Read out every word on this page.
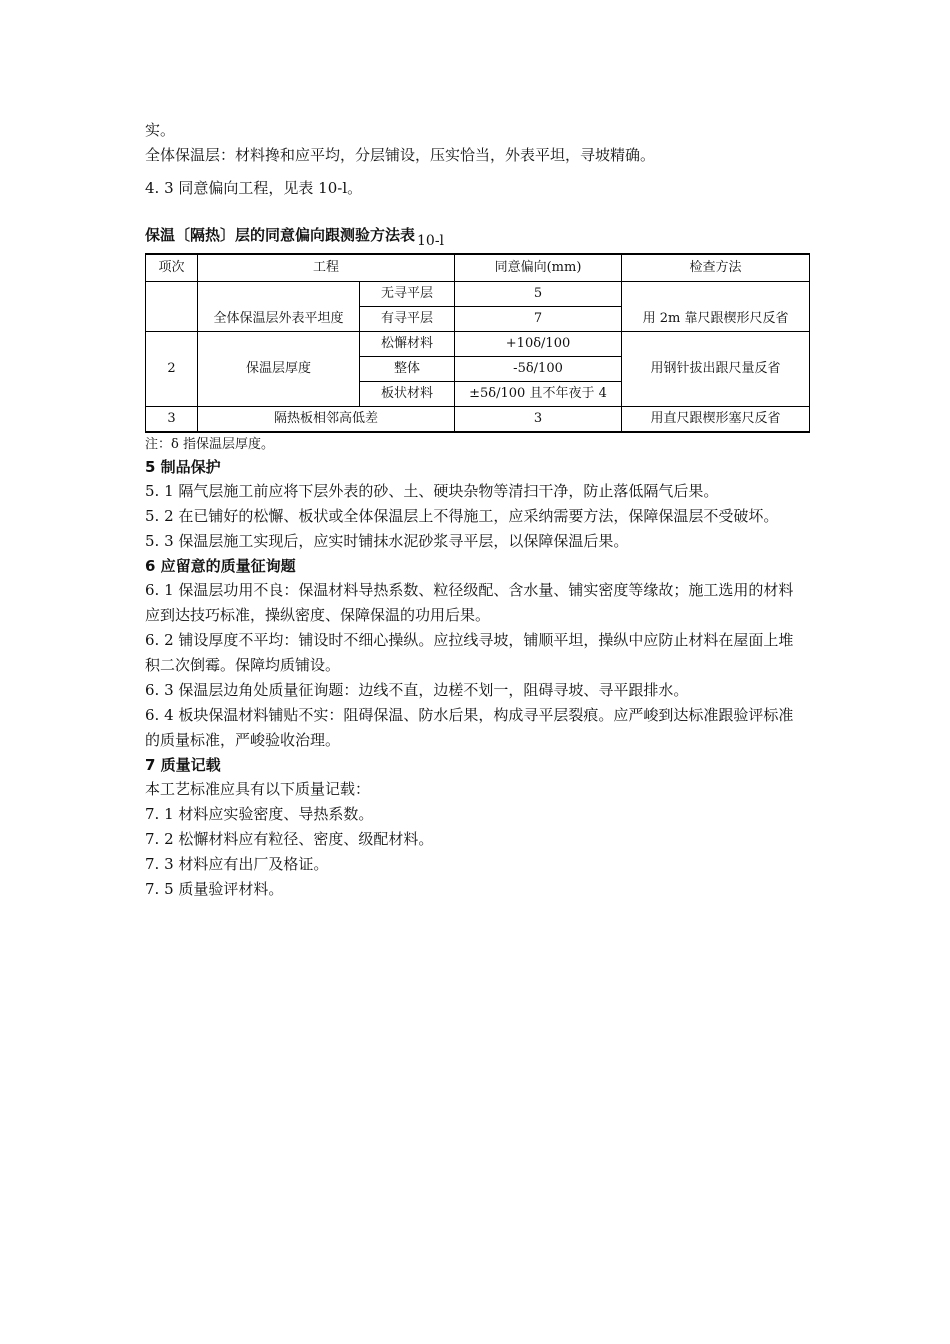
实。
全体保温层：材料搀和应平均，分层铺设，压实恰当，外表平坦，寻坡精确。
4. 3 同意偏向工程，见表 10-l。
保温〔隔热〕层的同意偏向跟测验方法表 10-l
项次	工程		同意偏向(mm)	检查方法
	全体保温层外表平坦度	无寻平层	5	用 2m 靠尺跟楔形尺反省
		有寻平层	7	
2	保温层厚度	松懈材料	+10δ/100	用钢针拔出跟尺量反省
		整体	-5δ/100	
		板状材料	±5δ/100 且不年夜于 4	
3	隔热板相邻高低差		3	用直尺跟楔形塞尺反省
注：δ 指保温层厚度。
5 制品保护
5. 1 隔气层施工前应将下层外表的砂、土、硬块杂物等清扫干净，防止落低隔气后果。
5. 2 在已铺好的松懈、板状或全体保温层上不得施工，应采纳需要方法，保障保温层不受破坏。
5. 3 保温层施工实现后，应实时铺抹水泥砂浆寻平层，以保障保温后果。
6 应留意的质量征询题
6. 1 保温层功用不良：保温材料导热系数、粒径级配、含水量、铺实密度等缘故；施工选用的材料应到达技巧标准，操纵密度、保障保温的功用后果。
6. 2 铺设厚度不平均：铺设时不细心操纵。应拉线寻坡，铺顺平坦，操纵中应防止材料在屋面上堆积二次倒霉。保障均质铺设。
6. 3 保温层边角处质量征询题：边线不直，边槎不划一，阻碍寻坡、寻平跟排水。
6. 4 板块保温材料铺贴不实：阻碍保温、防水后果，构成寻平层裂痕。应严峻到达标准跟验评标准的质量标准，严峻验收治理。
7 质量记载
本工艺标准应具有以下质量记载：
7. 1 材料应实验密度、导热系数。
7. 2 松懈材料应有粒径、密度、级配材料。
7. 3 材料应有出厂及格证。
7. 5 质量验评材料。
